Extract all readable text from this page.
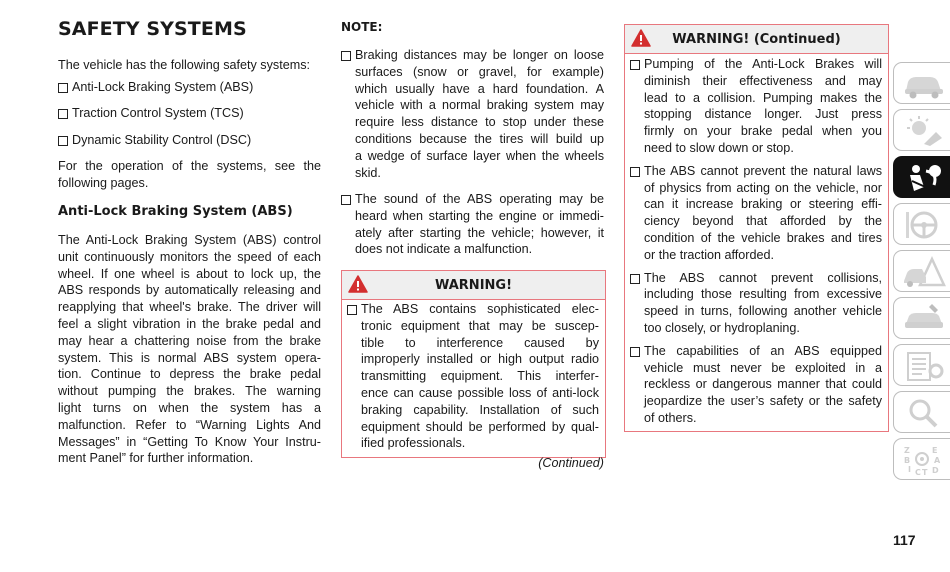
SAFETY SYSTEMS

The vehicle has the following safety systems:

Anti-Lock Braking System (ABS)

Traction Control System (TCS)

Dynamic Stability Control (DSC)

For the operation of the systems, see the following pages.

Anti-Lock Braking System (ABS)
The Anti-Lock Braking System (ABS) control
unit continuously monitors the speed of each
wheel. If one wheel is about to lock up, the
ABS responds by automatically releasing and
reapplying that wheel's brake. The driver will
feel a slight vibration in the brake pedal and
may hear a chattering noise from the brake
system. This is normal ABS system opera-
tion. Continue to depress the brake pedal
without pumping the brakes. The warning
light turns on when the system has a
malfunction. Refer to “Warning Lights And
Messages” in “Getting To Know Your Instru-
ment Panel” for further information.

NOTE:

Braking distances may be longer on loose
surfaces (snow or gravel, for example)
which usually have a hard foundation. A
vehicle with a normal braking system may
require less distance to stop under these
conditions because the tires will build up
a wedge of surface layer when the wheels
skid.
The sound of the ABS operating may be
heard when starting the engine or immedi-
ately after starting the vehicle; however, it
does not indicate a malfunction.
WARNING!
The ABS contains sophisticated elec-
tronic equipment that may be suscep-
tible to interference caused by
improperly installed or high output radio
transmitting equipment. This interfer-
ence can cause possible loss of anti-lock
braking capability. Installation of such
equipment should be performed by qual-
ified professionals.
(Continued)
WARNING! (Continued)
Pumping of the Anti-Lock Brakes will
diminish their effectiveness and may
lead to a collision. Pumping makes the
stopping distance longer. Just press
firmly on your brake pedal when you
need to slow down or stop.
The ABS cannot prevent the natural laws
of physics from acting on the vehicle, nor
can it increase braking or steering effi-
ciency beyond that afforded by the
condition of the vehicle brakes and tires
or the traction afforded.
The ABS cannot prevent collisions,
including those resulting from excessive
speed in turns, following another vehicle
too closely, or hydroplaning.
The capabilities of an ABS equipped
vehicle must never be exploited in a
reckless or dangerous manner that could
jeopardize the user’s safety or the safety
of others.
Z	E
B	A
I C T D
117
